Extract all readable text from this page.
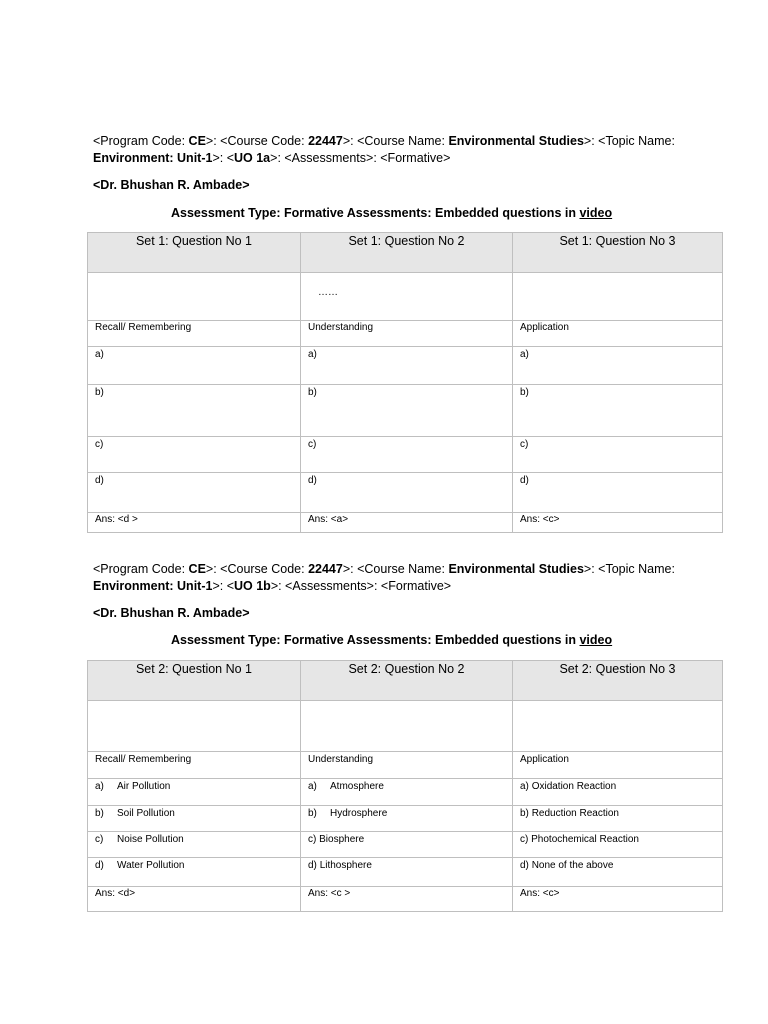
<Program Code: CE>: <Course Code: 22447>: <Course Name: Environmental Studies>: <Topic Name:
Environment: Unit-1>: <UO 1a>: <Assessments>: <Formative>
<Dr. Bhushan R. Ambade>
Assessment Type: Formative Assessments: Embedded questions in video
Set 1: Question No 1	Set 1: Question No 2	Set 1: Question No 3

	……	

Recall/ Remembering	Understanding	Application
a)	a)	a)
b)	b)	b)
c)	c)	c)
d)	d)	d)
Ans: <d >	Ans: <a>	Ans: <c>
<Program Code: CE>: <Course Code: 22447>: <Course Name: Environmental Studies>: <Topic Name:
Environment: Unit-1>: <UO 1b>: <Assessments>: <Formative>
<Dr. Bhushan R. Ambade>
Assessment Type: Formative Assessments: Embedded questions in video
Set 2: Question No 1	Set 2: Question No 2	Set 2: Question No 3

Recall/ Remembering	Understanding	Application
a) Air Pollution	a) Atmosphere	a) Oxidation Reaction
b) Soil Pollution	b) Hydrosphere	b) Reduction Reaction
c) Noise Pollution	c) Biosphere	c) Photochemical Reaction
d) Water Pollution	d) Lithosphere	d) None of the above
Ans: <d>	Ans: <c >	Ans: <c>
